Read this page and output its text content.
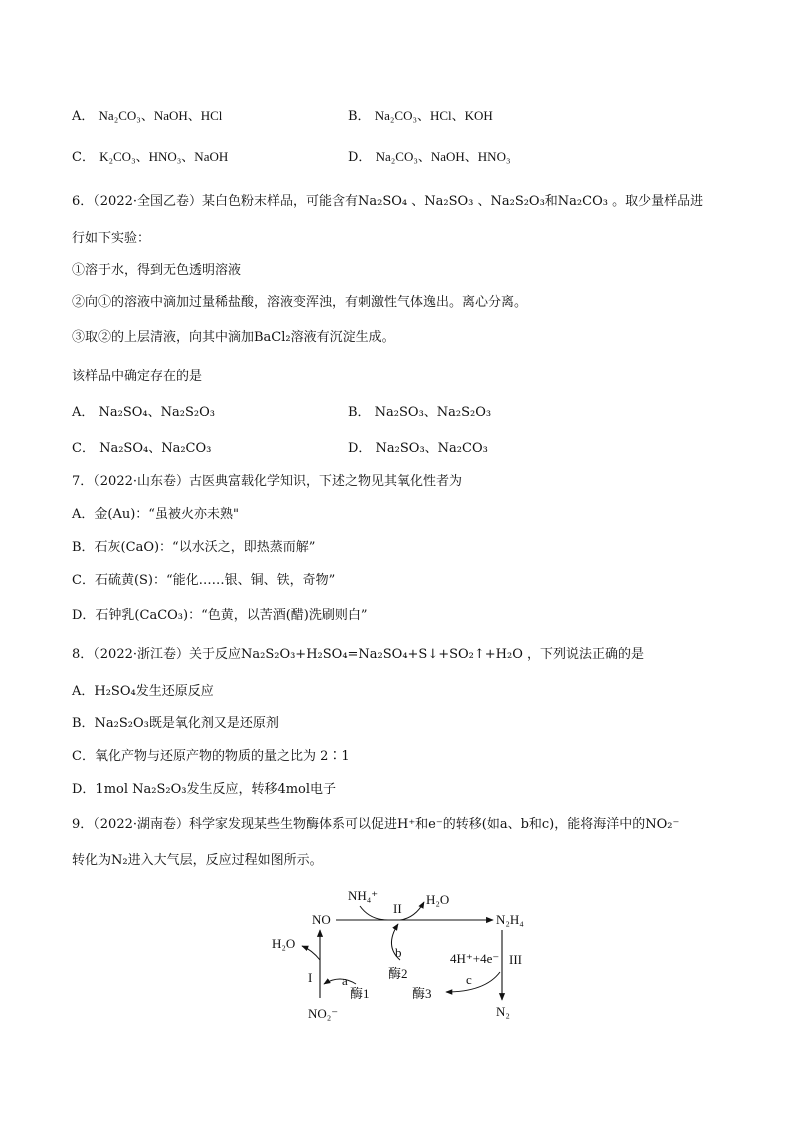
A． Na₂CO₃、NaOH、HCl	B． Na₂CO₃、HCl、KOH
C． K₂CO₃、HNO₃、NaOH	D． Na₂CO₃、NaOH、HNO₃
6．（2022·全国乙卷）某白色粉末样品，可能含有Na₂SO₄ 、Na₂SO₃ 、Na₂S₂O₃和Na₂CO₃ 。取少量样品进
行如下实验：
①溶于水，得到无色透明溶液
②向①的溶液中滴加过量稀盐酸，溶液变浑浊，有刺激性气体逸出。离心分离。
③取②的上层清液，向其中滴加BaCl₂溶液有沉淀生成。
该样品中确定存在的是
A． Na₂SO₄、Na₂S₂O₃	B． Na₂SO₃、Na₂S₂O₃
C． Na₂SO₄、Na₂CO₃	D． Na₂SO₃、Na₂CO₃
7．（2022·山东卷）古医典富载化学知识，下述之物见其氧化性者为
A．金(Au)：“虽被火亦未熟"
B．石灰(CaO)：“以水沃之，即热蒸而解”
C．石硫黄(S)：“能化……银、铜、铁，奇物”
D．石钟乳(CaCO₃)：“色黄，以苦酒(醋)洗刷则白”
8．（2022·浙江卷）关于反应Na₂S₂O₃+H₂SO₄=Na₂SO₄+S↓+SO₂↑+H₂O ，下列说法正确的是
A．H₂SO₄发生还原反应
B．Na₂S₂O₃既是氧化剂又是还原剂
C．氧化产物与还原产物的物质的量之比为 2∶1
D．1mol Na₂S₂O₃发生反应，转移4mol电子
9．（2022·湖南卷）科学家发现某些生物酶体系可以促进H⁺和e⁻的转移(如a、b和c)，能将海洋中的NO₂⁻
转化为N₂进入大气层，反应过程如图所示。
NH₄⁺	H₂O
II
NO	N₂H₄
H₂O
I
b
酶2
酶1	酶3
a
4H⁺+4e⁻
c
III
NO₂⁻	N₂
